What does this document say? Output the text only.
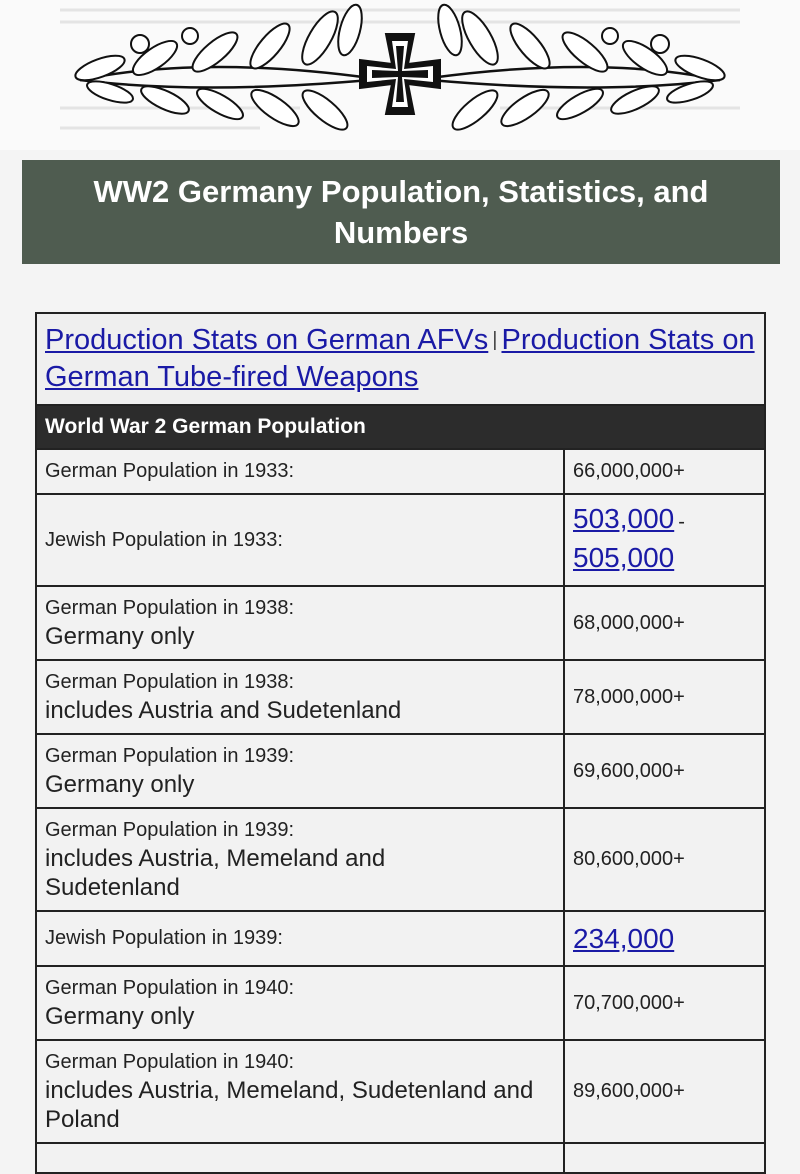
WW2 Germany Population, Statistics, and Numbers
Production Stats on German AFVs | Production Stats on German Tube-fired Weapons	
World War 2 German Population	
German Population in 1933:	66,000,000+
Jewish Population in 1933:	503,000 -
505,000
German Population in 1938:
Germany only	68,000,000+
German Population in 1938:
includes Austria and Sudetenland	78,000,000+
German Population in 1939:
Germany only	69,600,000+
German Population in 1939:
includes Austria, Memeland and Sudetenland	80,600,000+
Jewish Population in 1939:	234,000
German Population in 1940:
Germany only	70,700,000+
German Population in 1940:
includes Austria, Memeland, Sudetenland and Poland	89,600,000+
